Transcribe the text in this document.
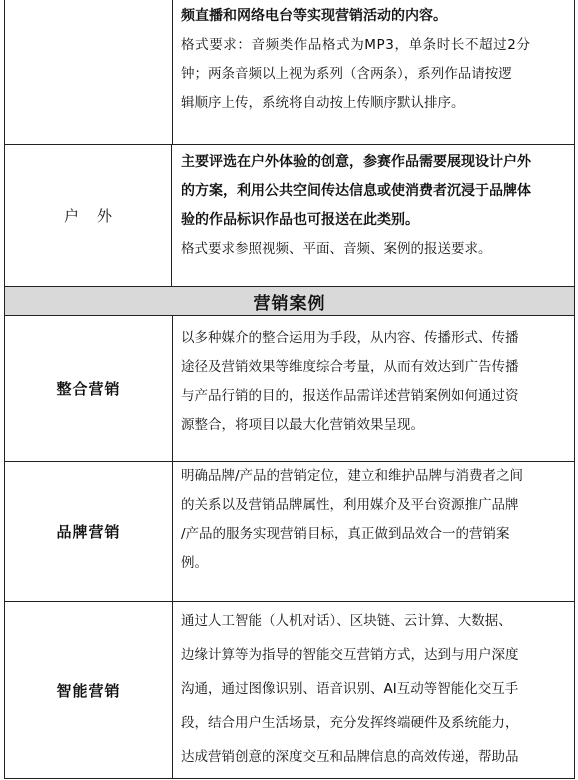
频直播和网络电台等实现营销活动的内容。
格式要求：音频类作品格式为MP3，单条时长不超过2分
钟；两条音频以上视为系列（含两条），系列作品请按逻
辑顺序上传，系统将自动按上传顺序默认排序。
户外
主要评选在户外体验的创意，参赛作品需要展现设计户外
的方案，利用公共空间传达信息或使消费者沉浸于品牌体
验的作品标识作品也可报送在此类别。
格式要求参照视频、平面、音频、案例的报送要求。
营销案例
整合营销
以多种媒介的整合运用为手段，从内容、传播形式、传播
途径及营销效果等维度综合考量，从而有效达到广告传播
与产品行销的目的，报送作品需详述营销案例如何通过资
源整合，将项目以最大化营销效果呈现。
品牌营销
明确品牌/产品的营销定位，建立和维护品牌与消费者之间
的关系以及营销品牌属性，利用媒介及平台资源推广品牌
/产品的服务实现营销目标，真正做到品效合一的营销案
例。
智能营销
通过人工智能（人机对话）、区块链、云计算、大数据、
边缘计算等为指导的智能交互营销方式，达到与用户深度
沟通，通过图像识别、语音识别、AI互动等智能化交互手
段，结合用户生活场景，充分发挥终端硬件及系统能力，
达成营销创意的深度交互和品牌信息的高效传递，帮助品
